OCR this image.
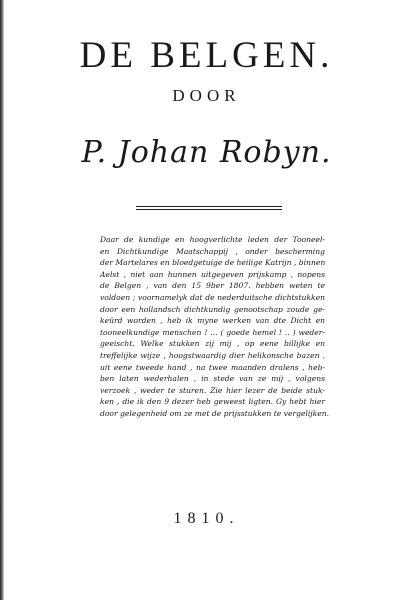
DE BELGEN.
DOOR
P. Johan Robyn.
Daar de kundige en hoogverlichte leden der Tooneel-
en Dichtkundige Maatschappij , onder bescherming
der Martelares en bloedgetuige de heilige Katrijn , binnen
Aelst , niet aan hunnen uitgegeven prijskamp , nopens
de Belgen , van den 15 9ber 1807. hebben weten te
voldoen ; voornamelyk dat de nederduitsche dichtstukken
door een hollandsch dichtkundig genootschap zoude ge-
keürd worden , heb ik myne werken van dte Dicht en
tooneelkundige menschen ! ... ( goede hemel ! .. ) weder-
geeischt. Welke stukken zij mij , op eene billijke en
treffelijke wijze , hoogstwaardig dier helikonsche bazen ,
uit eene tweede hand , na twee maanden dralens , heb-
ben laten wederhalen , in stede van ze mij , volgens
verzoek , weder te sturen. Zie hier lezer de beide stuk-
ken , die ik den 9 dezer heb geweest ligten. Gy hebt hier
door gelegenheid om ze met de prijsstukken te vergelijken.
1810.
